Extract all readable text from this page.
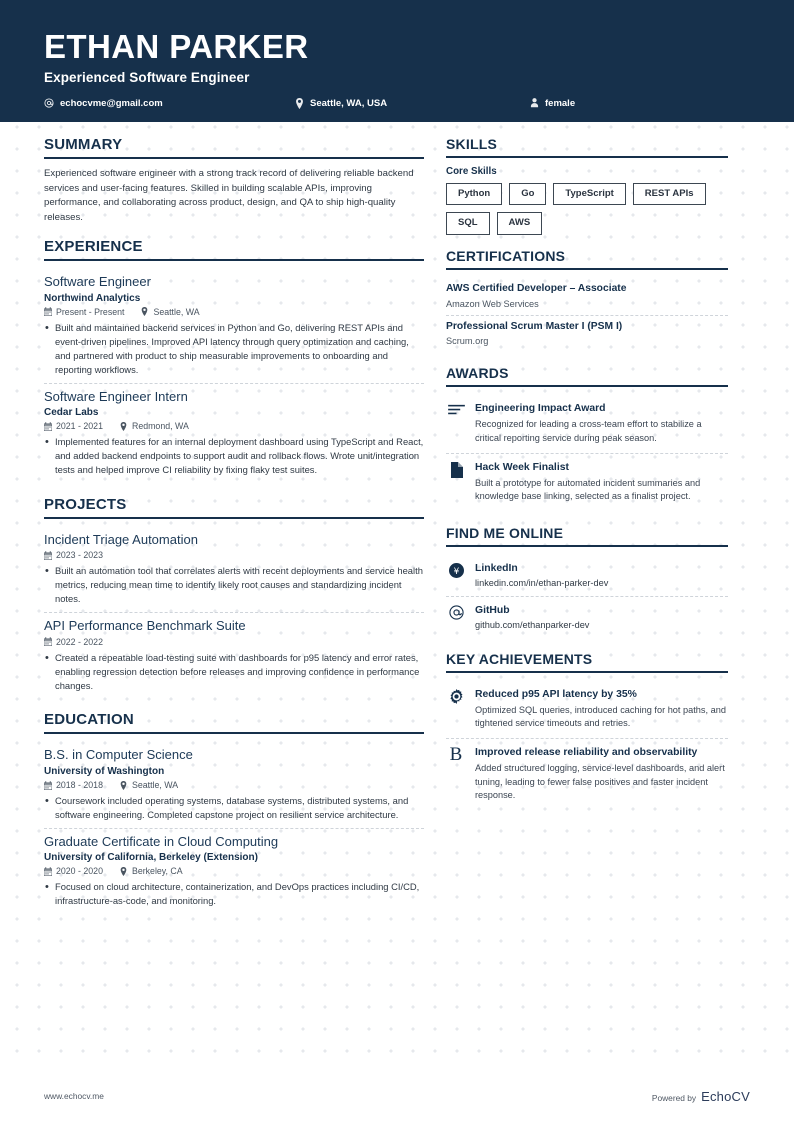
ETHAN PARKER
Experienced Software Engineer
echocvme@gmail.com	Seattle, WA, USA	female
SUMMARY
Experienced software engineer with a strong track record of delivering reliable backend services and user-facing features. Skilled in building scalable APIs, improving performance, and collaborating across product, design, and QA to ship high-quality releases.
EXPERIENCE
Software Engineer
Northwind Analytics
Present - Present	Seattle, WA
• Built and maintained backend services in Python and Go, delivering REST APIs and event-driven pipelines. Improved API latency through query optimization and caching, and partnered with product to ship measurable improvements to onboarding and reporting workflows.
Software Engineer Intern
Cedar Labs
2021 - 2021	Redmond, WA
• Implemented features for an internal deployment dashboard using TypeScript and React, and added backend endpoints to support audit and rollback flows. Wrote unit/integration tests and helped improve CI reliability by fixing flaky test suites.
PROJECTS
Incident Triage Automation
2023 - 2023
• Built an automation tool that correlates alerts with recent deployments and service health metrics, reducing mean time to identify likely root causes and standardizing incident notes.
API Performance Benchmark Suite
2022 - 2022
• Created a repeatable load-testing suite with dashboards for p95 latency and error rates, enabling regression detection before releases and improving confidence in performance changes.
EDUCATION
B.S. in Computer Science
University of Washington
2018 - 2018	Seattle, WA
• Coursework included operating systems, database systems, distributed systems, and software engineering. Completed capstone project on resilient service architecture.
Graduate Certificate in Cloud Computing
University of California, Berkeley (Extension)
2020 - 2020	Berkeley, CA
• Focused on cloud architecture, containerization, and DevOps practices including CI/CD, infrastructure-as-code, and monitoring.
SKILLS
Core Skills
Python	Go	TypeScript	REST APIs
SQL	AWS
CERTIFICATIONS
AWS Certified Developer – Associate
Amazon Web Services
Professional Scrum Master I (PSM I)
Scrum.org
AWARDS
Engineering Impact Award
Recognized for leading a cross-team effort to stabilize a critical reporting service during peak season.
Hack Week Finalist
Built a prototype for automated incident summaries and knowledge base linking, selected as a finalist project.
FIND ME ONLINE
¥ LinkedIn
linkedin.com/in/ethan-parker-dev
GitHub
github.com/ethanparker-dev
KEY ACHIEVEMENTS
Reduced p95 API latency by 35%
Optimized SQL queries, introduced caching for hot paths, and tightened service timeouts and retries.
B Improved release reliability and observability
Added structured logging, service-level dashboards, and alert tuning, leading to fewer false positives and faster incident response.
www.echocv.me	Powered by EchoCV
